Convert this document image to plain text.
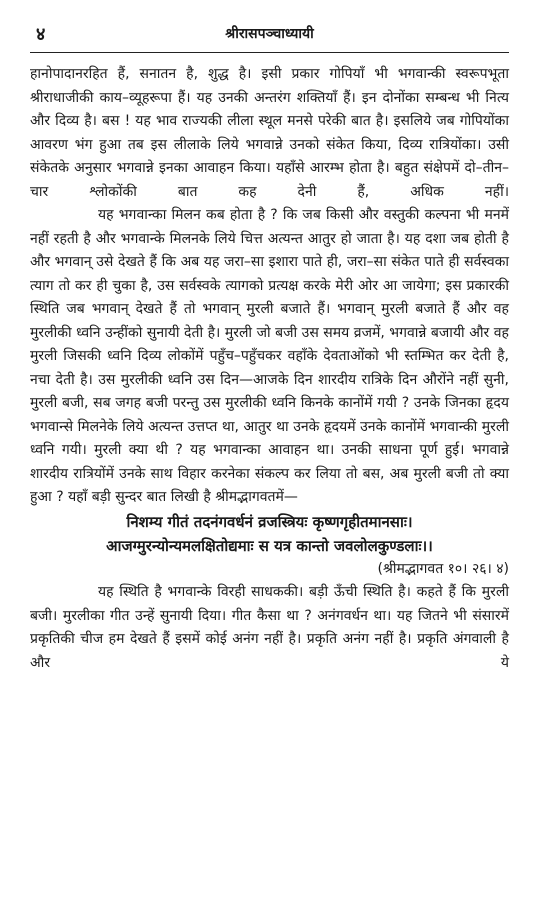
४	श्रीरासपञ्चाध्यायी

हानोपादानरहित हैं, सनातन है, शुद्ध है। इसी प्रकार गोपियाँ भी भगवान्की स्वरूपभूता श्रीराधाजीकी काय–व्यूहरूपा हैं। यह उनकी अन्तरंग शक्तियाँ हैं। इन दोनोंका सम्बन्ध भी नित्य और दिव्य है। बस ! यह भाव राज्यकी लीला स्थूल मनसे परेकी बात है। इसलिये जब गोपियोंका आवरण भंग हुआ तब इस लीलाके लिये भगवान्ने उनको संकेत किया, दिव्य रात्रियोंका। उसी संकेतके अनुसार भगवान्ने इनका आवाहन किया। यहाँसे आरम्भ होता है। बहुत संक्षेपमें दो–तीन–चार श्लोकोंकी बात कह देनी हैं, अधिक नहीं।

यह भगवान्का मिलन कब होता है ? कि जब किसी और वस्तुकी कल्पना भी मनमें नहीं रहती है और भगवान्के मिलनके लिये चित्त अत्यन्त आतुर हो जाता है। यह दशा जब होती है और भगवान् उसे देखते हैं कि अब यह जरा–सा इशारा पाते ही, जरा–सा संकेत पाते ही सर्वस्वका त्याग तो कर ही चुका है, उस सर्वस्वके त्यागको प्रत्यक्ष करके मेरी ओर आ जायेगा; इस प्रकारकी स्थिति जब भगवान् देखते हैं तो भगवान् मुरली बजाते हैं। भगवान् मुरली बजाते हैं और वह मुरलीकी ध्वनि उन्हींको सुनायी देती है। मुरली जो बजी उस समय व्रजमें, भगवान्ने बजायी और वह मुरली जिसकी ध्वनि दिव्य लोकोंमें पहुँच–पहुँचकर वहाँके देवताओंको भी स्तम्भित कर देती है, नचा देती है। उस मुरलीकी ध्वनि उस दिन—आजके दिन शारदीय रात्रिके दिन औरोंने नहीं सुनी, मुरली बजी, सब जगह बजी परन्तु उस मुरलीकी ध्वनि किनके कानोंमें गयी ? उनके जिनका हृदय भगवान्से मिलनेके लिये अत्यन्त उत्तप्त था, आतुर था उनके हृदयमें उनके कानोंमें भगवान्की मुरली ध्वनि गयी। मुरली क्या थी ? यह भगवान्का आवाहन था। उनकी साधना पूर्ण हुई। भगवान्ने शारदीय रात्रियोंमें उनके साथ विहार करनेका संकल्प कर लिया तो बस, अब मुरली बजी तो क्या हुआ ? यहाँ बड़ी सुन्दर बात लिखी है श्रीमद्भागवतमें—

निशम्य गीतं तदनंगवर्धनं व्रजस्त्रियः कृष्णगृहीतमानसाः।

आजग्मुरन्योन्यमलक्षितोद्यमाः स यत्र कान्तो जवलोलकुण्डलाः।।

(श्रीमद्भागवत १०। २६। ४)

यह स्थिति है भगवान्के विरही साधककी। बड़ी ऊँची स्थिति है। कहते हैं कि मुरली बजी। मुरलीका गीत उन्हें सुनायी दिया। गीत कैसा था ? अनंगवर्धन था। यह जितने भी संसारमें प्रकृतिकी चीज हम देखते हैं इसमें कोई अनंग नहीं है। प्रकृति अनंग नहीं है। प्रकृति अंगवाली है और ये
